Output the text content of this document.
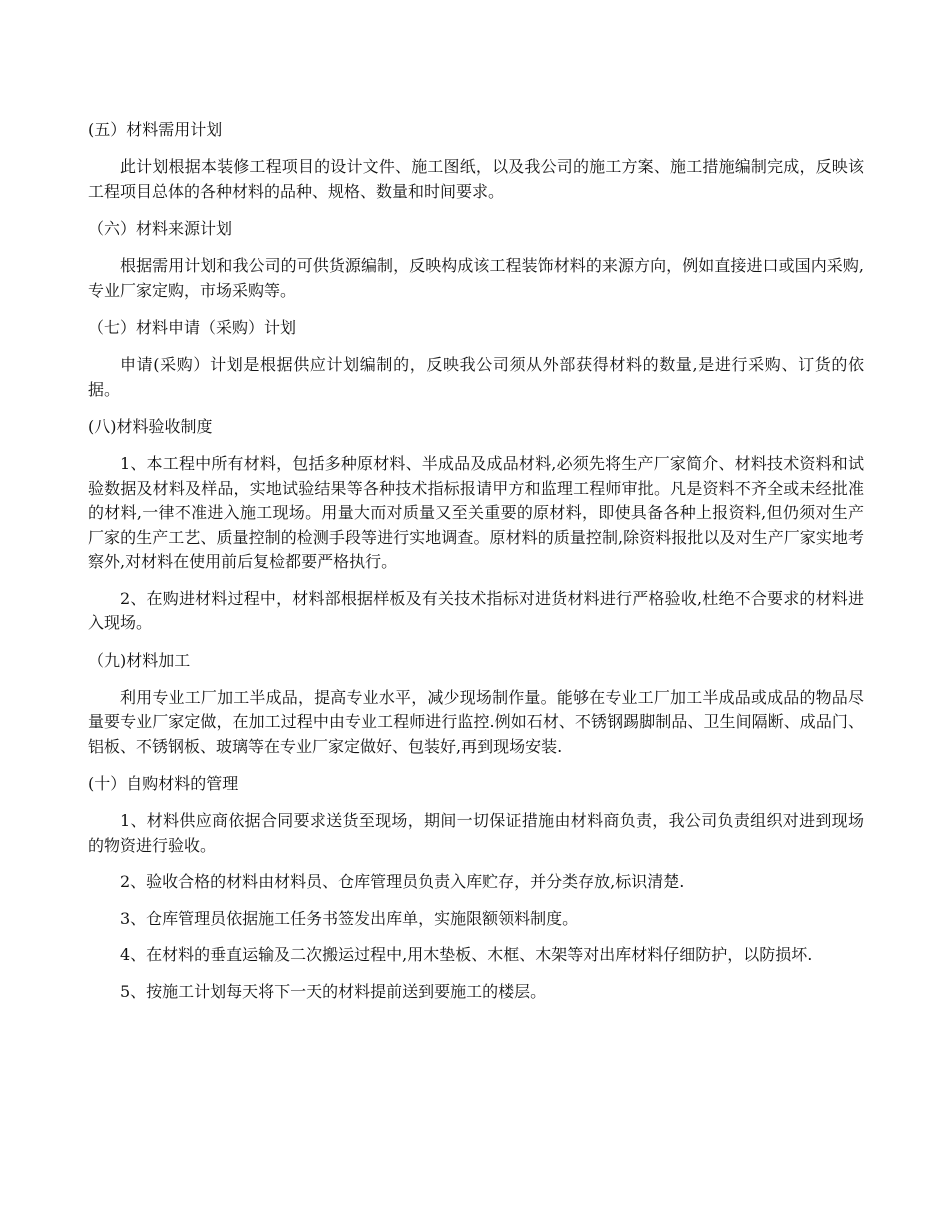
(五）材料需用计划

此计划根据本装修工程项目的设计文件、施工图纸，以及我公司的施工方案、施工措施编制完成，反映该工程项目总体的各种材料的品种、规格、数量和时间要求。

（六）材料来源计划

根据需用计划和我公司的可供货源编制，反映构成该工程装饰材料的来源方向，例如直接进口或国内采购,专业厂家定购，市场采购等。

（七）材料申请（采购）计划

申请(采购）计划是根据供应计划编制的，反映我公司须从外部获得材料的数量,是进行采购、订货的依据。

(八)材料验收制度

1、本工程中所有材料，包括多种原材料、半成品及成品材料,必须先将生产厂家简介、材料技术资料和试验数据及材料及样品，实地试验结果等各种技术指标报请甲方和监理工程师审批。凡是资料不齐全或未经批准的材料,一律不准进入施工现场。用量大而对质量又至关重要的原材料，即使具备各种上报资料,但仍须对生产厂家的生产工艺、质量控制的检测手段等进行实地调查。原材料的质量控制,除资料报批以及对生产厂家实地考察外,对材料在使用前后复检都要严格执行。

2、在购进材料过程中，材料部根据样板及有关技术指标对进货材料进行严格验收,杜绝不合要求的材料进入现场。

（九)材料加工

利用专业工厂加工半成品，提高专业水平，减少现场制作量。能够在专业工厂加工半成品或成品的物品尽量要专业厂家定做，在加工过程中由专业工程师进行监控.例如石材、不锈钢踢脚制品、卫生间隔断、成品门、铝板、不锈钢板、玻璃等在专业厂家定做好、包装好,再到现场安装.

(十）自购材料的管理

1、材料供应商依据合同要求送货至现场，期间一切保证措施由材料商负责，我公司负责组织对进到现场的物资进行验收。

2、验收合格的材料由材料员、仓库管理员负责入库贮存，并分类存放,标识清楚.

3、仓库管理员依据施工任务书签发出库单，实施限额领料制度。

4、在材料的垂直运输及二次搬运过程中,用木垫板、木框、木架等对出库材料仔细防护，以防损坏.

5、按施工计划每天将下一天的材料提前送到要施工的楼层。
